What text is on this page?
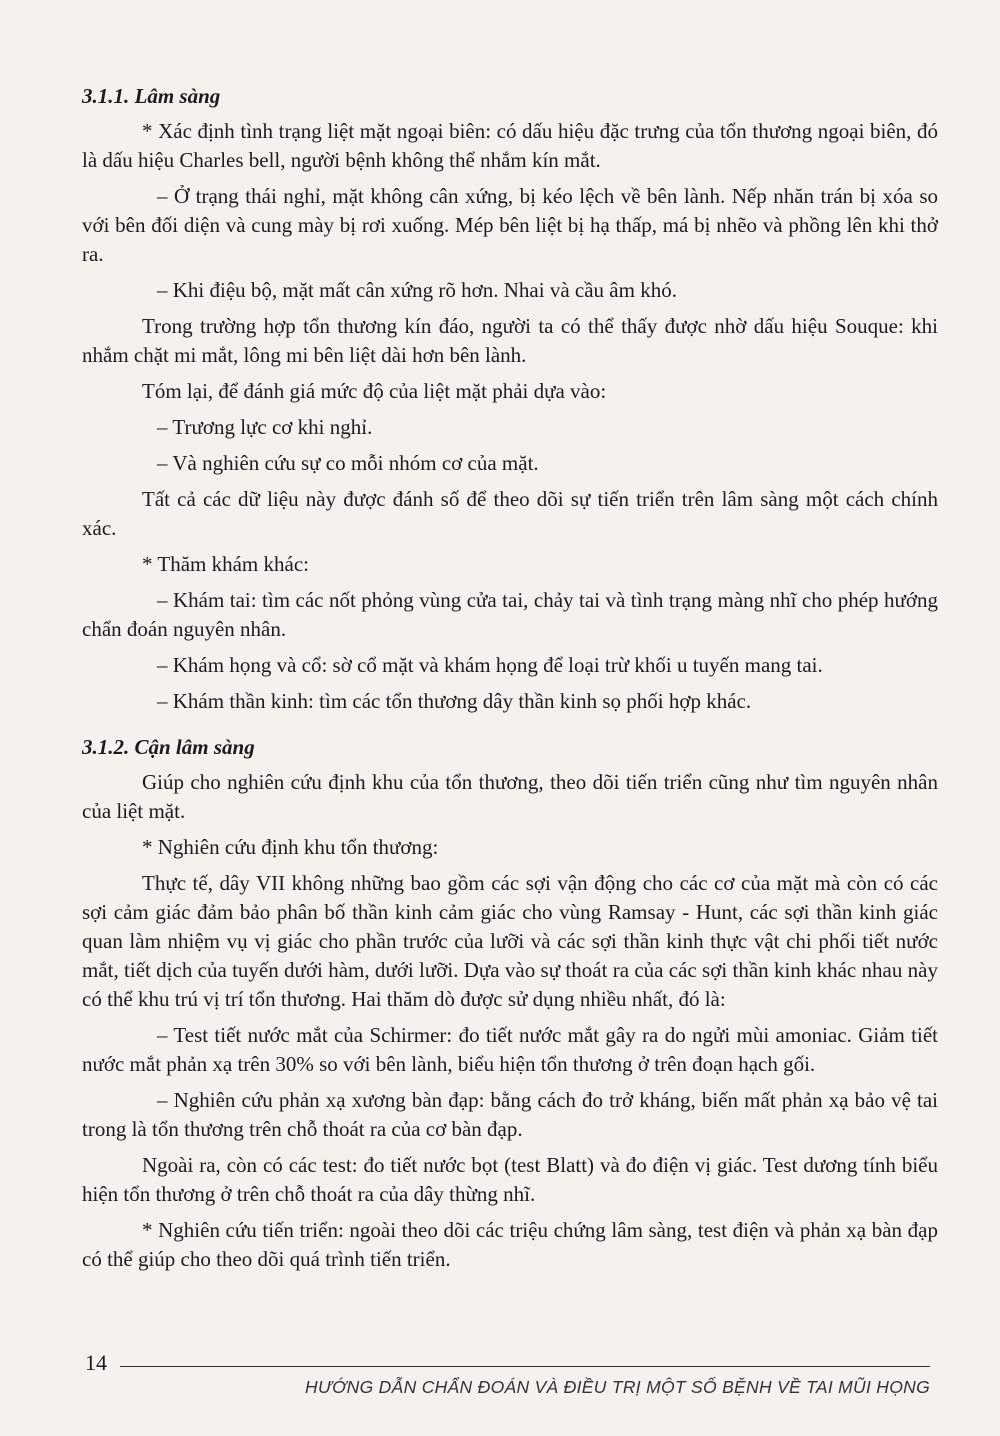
3.1.1. Lâm sàng

* Xác định tình trạng liệt mặt ngoại biên: có dấu hiệu đặc trưng của tổn thương ngoại biên, đó là dấu hiệu Charles bell, người bệnh không thể nhắm kín mắt.

– Ở trạng thái nghỉ, mặt không cân xứng, bị kéo lệch về bên lành. Nếp nhăn trán bị xóa so với bên đối diện và cung mày bị rơi xuống. Mép bên liệt bị hạ thấp, má bị nhẽo và phồng lên khi thở ra.

– Khi điệu bộ, mặt mất cân xứng rõ hơn. Nhai và cầu âm khó.

Trong trường hợp tổn thương kín đáo, người ta có thể thấy được nhờ dấu hiệu Souque: khi nhắm chặt mi mắt, lông mi bên liệt dài hơn bên lành.

Tóm lại, để đánh giá mức độ của liệt mặt phải dựa vào:

– Trương lực cơ khi nghỉ.

– Và nghiên cứu sự co mỗi nhóm cơ của mặt.

Tất cả các dữ liệu này được đánh số để theo dõi sự tiến triển trên lâm sàng một cách chính xác.

* Thăm khám khác:

– Khám tai: tìm các nốt phỏng vùng cửa tai, chảy tai và tình trạng màng nhĩ cho phép hướng chẩn đoán nguyên nhân.

– Khám họng và cổ: sờ cổ mặt và khám họng để loại trừ khối u tuyến mang tai.

– Khám thần kinh: tìm các tổn thương dây thần kinh sọ phối hợp khác.

3.1.2. Cận lâm sàng

Giúp cho nghiên cứu định khu của tổn thương, theo dõi tiến triển cũng như tìm nguyên nhân của liệt mặt.

* Nghiên cứu định khu tổn thương:

Thực tế, dây VII không những bao gồm các sợi vận động cho các cơ của mặt mà còn có các sợi cảm giác đảm bảo phân bố thần kinh cảm giác cho vùng Ramsay - Hunt, các sợi thần kinh giác quan làm nhiệm vụ vị giác cho phần trước của lưỡi và các sợi thần kinh thực vật chi phối tiết nước mắt, tiết dịch của tuyến dưới hàm, dưới lưỡi. Dựa vào sự thoát ra của các sợi thần kinh khác nhau này có thể khu trú vị trí tổn thương. Hai thăm dò được sử dụng nhiều nhất, đó là:

– Test tiết nước mắt của Schirmer: đo tiết nước mắt gây ra do ngửi mùi amoniac. Giảm tiết nước mắt phản xạ trên 30% so với bên lành, biểu hiện tổn thương ở trên đoạn hạch gối.

– Nghiên cứu phản xạ xương bàn đạp: bằng cách đo trở kháng, biến mất phản xạ bảo vệ tai trong là tổn thương trên chỗ thoát ra của cơ bàn đạp.

Ngoài ra, còn có các test: đo tiết nước bọt (test Blatt) và đo điện vị giác. Test dương tính biểu hiện tổn thương ở trên chỗ thoát ra của dây thừng nhĩ.

* Nghiên cứu tiến triển: ngoài theo dõi các triệu chứng lâm sàng, test điện và phản xạ bàn đạp có thể giúp cho theo dõi quá trình tiến triển.

14
HƯỚNG DẪN CHẨN ĐOÁN VÀ ĐIỀU TRỊ MỘT SỐ BỆNH VỀ TAI MŨI HỌNG
